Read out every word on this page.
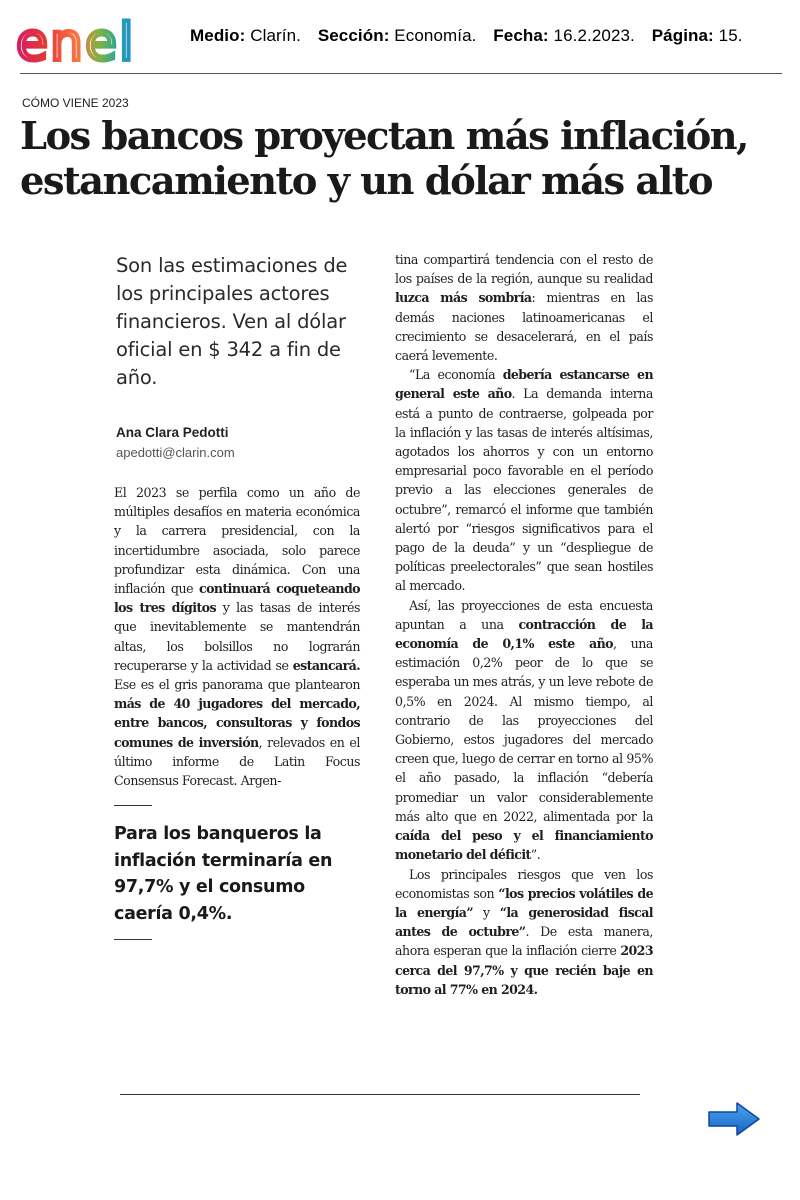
enel	Medio: Clarín. Sección: Economía. Fecha: 16.2.2023. Página: 15.
CÓMO VIENE 2023
Los bancos proyectan más inflación,
estancamiento y un dólar más alto
Son las estimaciones de los principales actores financieros. Ven al dólar oficial en $ 342 a fin de año.
Ana Clara Pedotti
apedotti@clarin.com

El 2023 se perfila como un año de múltiples desafíos en materia económica y la carrera presidencial, con la incertidumbre asociada, solo parece profundizar esta dinámica. Con una inflación que continuará coqueteando los tres dígitos y las tasas de interés que inevitablemente se mantendrán altas, los bolsillos no lograrán recuperarse y la actividad se estancará. Ese es el gris panorama que plantearon más de 40 jugadores del mercado, entre bancos, consultoras y fondos comunes de inversión, relevados en el último informe de Latin Focus Consensus Forecast. Argen-

Para los banqueros la inflación terminaría en 97,7% y el consumo caería 0,4%.

tina compartirá tendencia con el resto de los países de la región, aunque su realidad luzca más sombría: mientras en las demás naciones latinoamericanas el crecimiento se desacelerará, en el país caerá levemente.

“La economía debería estancarse en general este año. La demanda interna está a punto de contraerse, golpeada por la inflación y las tasas de interés altísimas, agotados los ahorros y con un entorno empresarial poco favorable en el período previo a las elecciones generales de octubre”, remarcó el informe que también alertó por “riesgos significativos para el pago de la deuda” y un “despliegue de políticas preelectorales” que sean hostiles al mercado.

Así, las proyecciones de esta encuesta apuntan a una contracción de la economía de 0,1% este año, una estimación 0,2% peor de lo que se esperaba un mes atrás, y un leve rebote de 0,5% en 2024. Al mismo tiempo, al contrario de las proyecciones del Gobierno, estos jugadores del mercado creen que, luego de cerrar en torno al 95% el año pasado, la inflación “debería promediar un valor considerablemente más alto que en 2022, alimentada por la caída del peso y el financiamiento monetario del déficit”.

Los principales riesgos que ven los economistas son “los precios volátiles de la energía” y “la generosidad fiscal antes de octubre”. De esta manera, ahora esperan que la inflación cierre 2023 cerca del 97,7% y que recién baje en torno al 77% en 2024.
